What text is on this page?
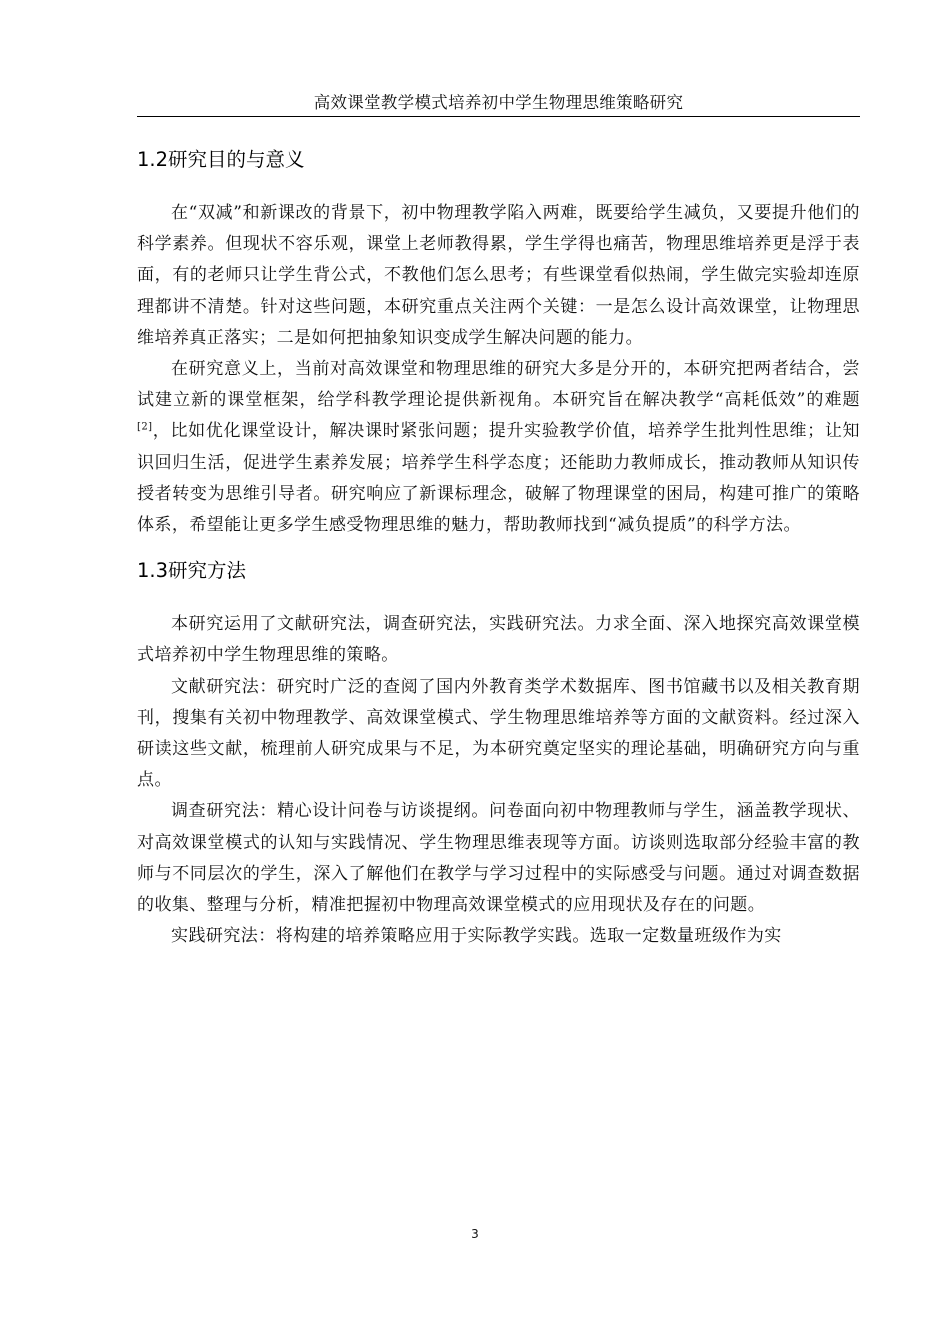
高效课堂教学模式培养初中学生物理思维策略研究
1.2研究目的与意义

在“双减”和新课改的背景下，初中物理教学陷入两难，既要给学生减负，又要提升他们的科学素养。但现状不容乐观，课堂上老师教得累，学生学得也痛苦，物理思维培养更是浮于表面，有的老师只让学生背公式，不教他们怎么思考；有些课堂看似热闹，学生做完实验却连原理都讲不清楚。针对这些问题，本研究重点关注两个关键：一是怎么设计高效课堂，让物理思维培养真正落实；二是如何把抽象知识变成学生解决问题的能力。

在研究意义上，当前对高效课堂和物理思维的研究大多是分开的，本研究把两者结合，尝试建立新的课堂框架，给学科教学理论提供新视角。本研究旨在解决教学“高耗低效”的难题[2]，比如优化课堂设计，解决课时紧张问题；提升实验教学价值，培养学生批判性思维；让知识回归生活，促进学生素养发展；培养学生科学态度；还能助力教师成长，推动教师从知识传授者转变为思维引导者。研究响应了新课标理念，破解了物理课堂的困局，构建可推广的策略体系，希望能让更多学生感受物理思维的魅力，帮助教师找到“减负提质”的科学方法。

1.3研究方法

本研究运用了文献研究法，调查研究法，实践研究法。力求全面、深入地探究高效课堂模式培养初中学生物理思维的策略。

文献研究法：研究时广泛的查阅了国内外教育类学术数据库、图书馆藏书以及相关教育期刊，搜集有关初中物理教学、高效课堂模式、学生物理思维培养等方面的文献资料。经过深入研读这些文献，梳理前人研究成果与不足，为本研究奠定坚实的理论基础，明确研究方向与重点。

调查研究法：精心设计问卷与访谈提纲。问卷面向初中物理教师与学生，涵盖教学现状、对高效课堂模式的认知与实践情况、学生物理思维表现等方面。访谈则选取部分经验丰富的教师与不同层次的学生，深入了解他们在教学与学习过程中的实际感受与问题。通过对调查数据的收集、整理与分析，精准把握初中物理高效课堂模式的应用现状及存在的问题。

实践研究法：将构建的培养策略应用于实际教学实践。选取一定数量班级作为实

3
